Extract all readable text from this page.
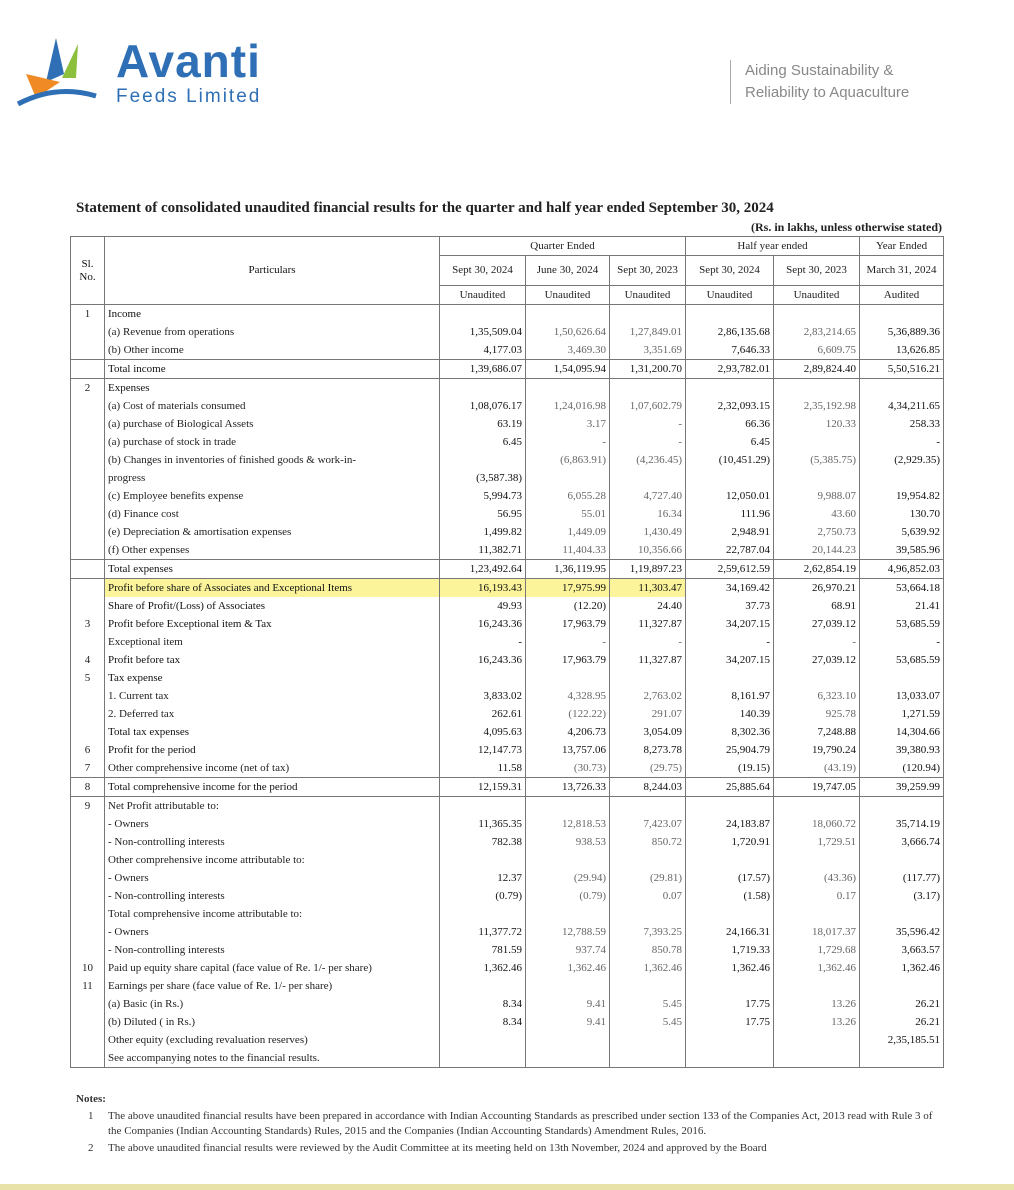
Avanti
Feeds Limited
Aiding Sustainability &
Reliability to Aquaculture
Statement of consolidated unaudited financial results for the quarter and half year ended September 30, 2024
(Rs. in lakhs, unless otherwise stated)
Sl. No.	Particulars	Quarter Ended			Half year ended		Year Ended
		Sept 30, 2024	June 30, 2024	Sept 30, 2023	Sept 30, 2024	Sept 30, 2023	March 31, 2024
		Unaudited	Unaudited	Unaudited	Unaudited	Unaudited	Audited
1	Income						
	(a) Revenue from operations	1,35,509.04	1,50,626.64	1,27,849.01	2,86,135.68	2,83,214.65	5,36,889.36
	(b) Other income	4,177.03	3,469.30	3,351.69	7,646.33	6,609.75	13,626.85
	Total income	1,39,686.07	1,54,095.94	1,31,200.70	2,93,782.01	2,89,824.40	5,50,516.21
2	Expenses						
	(a) Cost of materials consumed	1,08,076.17	1,24,016.98	1,07,602.79	2,32,093.15	2,35,192.98	4,34,211.65
	(a) purchase of Biological Assets	63.19	3.17	-	66.36	120.33	258.33
	(a) purchase of stock in trade	6.45	-	-	6.45		-
	(b) Changes in inventories of finished goods & work-in-		(6,863.91)	(4,236.45)	(10,451.29)	(5,385.75)	(2,929.35)
	progress	(3,587.38)					
	(c) Employee benefits expense	5,994.73	6,055.28	4,727.40	12,050.01	9,988.07	19,954.82
	(d) Finance cost	56.95	55.01	16.34	111.96	43.60	130.70
	(e) Depreciation & amortisation expenses	1,499.82	1,449.09	1,430.49	2,948.91	2,750.73	5,639.92
	(f) Other expenses	11,382.71	11,404.33	10,356.66	22,787.04	20,144.23	39,585.96
	Total expenses	1,23,492.64	1,36,119.95	1,19,897.23	2,59,612.59	2,62,854.19	4,96,852.03
	Profit before share of Associates and Exceptional Items	16,193.43	17,975.99	11,303.47	34,169.42	26,970.21	53,664.18
	Share of Profit/(Loss) of Associates	49.93	(12.20)	24.40	37.73	68.91	21.41
3	Profit before Exceptional item & Tax	16,243.36	17,963.79	11,327.87	34,207.15	27,039.12	53,685.59
	Exceptional item	-	-	-	-	-	-
4	Profit before tax	16,243.36	17,963.79	11,327.87	34,207.15	27,039.12	53,685.59
5	Tax expense						
	1. Current tax	3,833.02	4,328.95	2,763.02	8,161.97	6,323.10	13,033.07
	2. Deferred tax	262.61	(122.22)	291.07	140.39	925.78	1,271.59
	Total tax expenses	4,095.63	4,206.73	3,054.09	8,302.36	7,248.88	14,304.66
6	Profit for the period	12,147.73	13,757.06	8,273.78	25,904.79	19,790.24	39,380.93
7	Other comprehensive income (net of tax)	11.58	(30.73)	(29.75)	(19.15)	(43.19)	(120.94)
8	Total comprehensive income for the period	12,159.31	13,726.33	8,244.03	25,885.64	19,747.05	39,259.99
9	Net Profit attributable to:						
	- Owners	11,365.35	12,818.53	7,423.07	24,183.87	18,060.72	35,714.19
	- Non-controlling interests	782.38	938.53	850.72	1,720.91	1,729.51	3,666.74
	Other comprehensive income attributable to:						
	- Owners	12.37	(29.94)	(29.81)	(17.57)	(43.36)	(117.77)
	- Non-controlling interests	(0.79)	(0.79)	0.07	(1.58)	0.17	(3.17)
	Total comprehensive income attributable to:						
	- Owners	11,377.72	12,788.59	7,393.25	24,166.31	18,017.37	35,596.42
	- Non-controlling interests	781.59	937.74	850.78	1,719.33	1,729.68	3,663.57
10	Paid up equity share capital (face value of Re. 1/- per share)	1,362.46	1,362.46	1,362.46	1,362.46	1,362.46	1,362.46
11	Earnings per share (face value of Re. 1/- per share)						
	(a) Basic (in Rs.)	8.34	9.41	5.45	17.75	13.26	26.21
	(b) Diluted ( in Rs.)	8.34	9.41	5.45	17.75	13.26	26.21
	Other equity (excluding revaluation reserves)						2,35,185.51
	See accompanying notes to the financial results.						
Notes:
1 The above unaudited financial results have been prepared in accordance with Indian Accounting Standards as prescribed under section 133 of the Companies Act, 2013 read with Rule 3 of the Companies (Indian Accounting Standards) Rules, 2015 and the Companies (Indian Accounting Standards) Amendment Rules, 2016.
2 The above unaudited financial results were reviewed by the Audit Committee at its meeting held on 13th November, 2024 and approved by the Board
